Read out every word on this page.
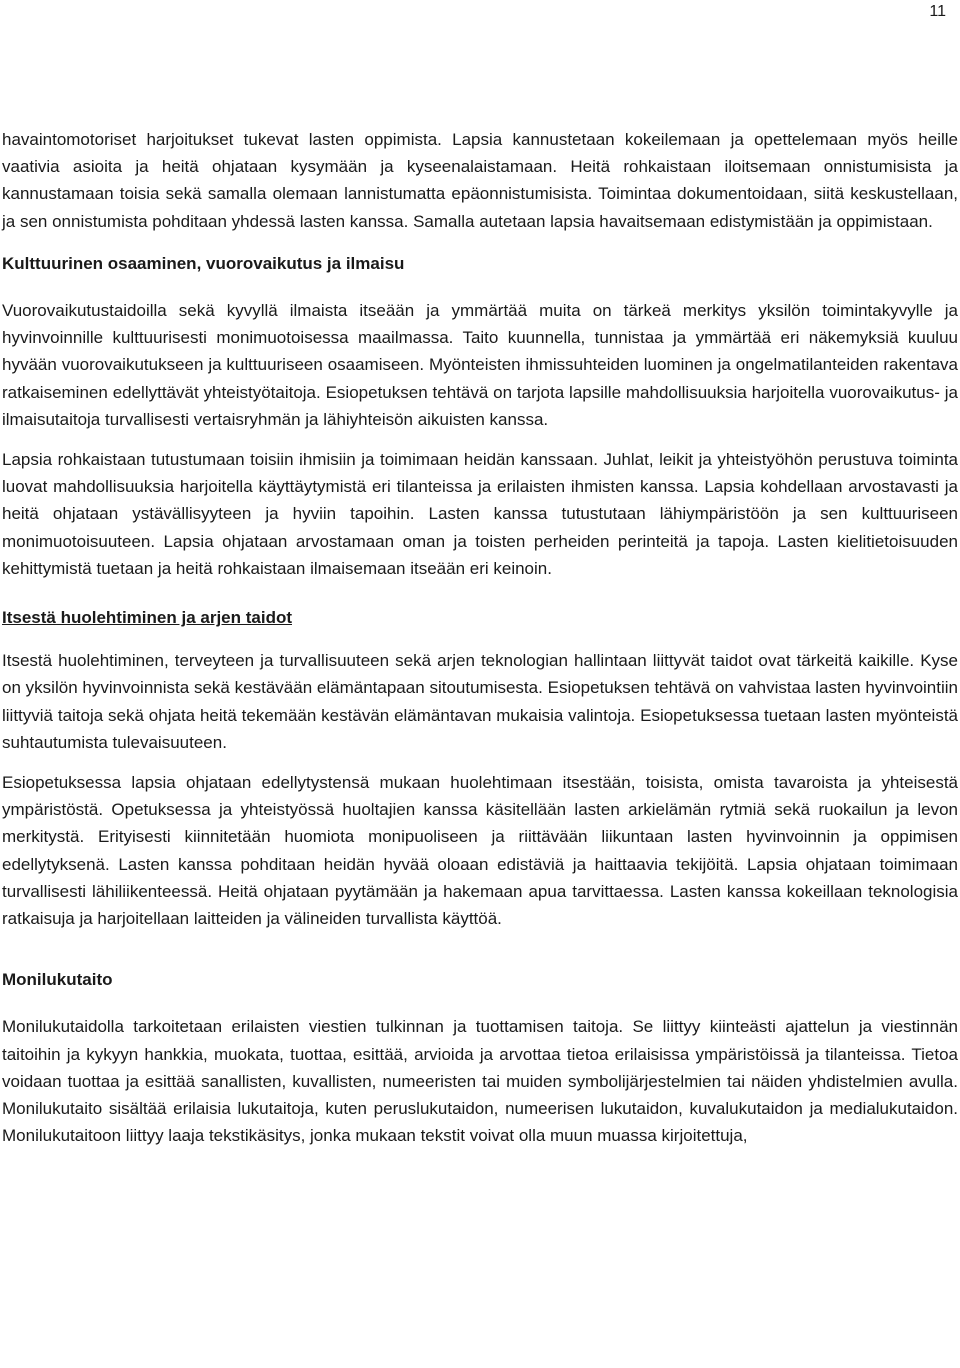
11

havaintomotoriset harjoitukset tukevat lasten oppimista. Lapsia kannustetaan kokeilemaan ja opettelemaan myös heille vaativia asioita ja heitä ohjataan kysymään ja kyseenalaistamaan. Heitä rohkaistaan iloitsemaan onnistumisista ja kannustamaan toisia sekä samalla olemaan lannistumatta epäonnistumisista. Toimintaa dokumentoidaan, siitä keskustellaan, ja sen onnistumista pohditaan yhdessä lasten kanssa. Samalla autetaan lapsia havaitsemaan edistymistään ja oppimistaan.

Kulttuurinen osaaminen, vuorovaikutus ja ilmaisu

Vuorovaikutustaidoilla sekä kyvyllä ilmaista itseään ja ymmärtää muita on tärkeä merkitys yksilön toimintakyvylle ja hyvinvoinnille kulttuurisesti monimuotoisessa maailmassa. Taito kuunnella, tunnistaa ja ymmärtää eri näkemyksiä kuuluu hyvään vuorovaikutukseen ja kulttuuriseen osaamiseen. Myönteisten ihmissuhteiden luominen ja ongelmatilanteiden rakentava ratkaiseminen edellyttävät yhteistyötaitoja. Esiopetuksen tehtävä on tarjota lapsille mahdollisuuksia harjoitella vuorovaikutus- ja ilmaisutaitoja turvallisesti vertaisryhmän ja lähiyhteisön aikuisten kanssa.

Lapsia rohkaistaan tutustumaan toisiin ihmisiin ja toimimaan heidän kanssaan. Juhlat, leikit ja yhteistyöhön perustuva toiminta luovat mahdollisuuksia harjoitella käyttäytymistä eri tilanteissa ja erilaisten ihmisten kanssa. Lapsia kohdellaan arvostavasti ja heitä ohjataan ystävällisyyteen ja hyviin tapoihin. Lasten kanssa tutustutaan lähiympäristöön ja sen kulttuuriseen monimuotoisuuteen. Lapsia ohjataan arvostamaan oman ja toisten perheiden perinteitä ja tapoja. Lasten kielitietoisuuden kehittymistä tuetaan ja heitä rohkaistaan ilmaisemaan itseään eri keinoin.

Itsestä huolehtiminen ja arjen taidot

Itsestä huolehtiminen, terveyteen ja turvallisuuteen sekä arjen teknologian hallintaan liittyvät taidot ovat tärkeitä kaikille. Kyse on yksilön hyvinvoinnista sekä kestävään elämäntapaan sitoutumisesta. Esiopetuksen tehtävä on vahvistaa lasten hyvinvointiin liittyviä taitoja sekä ohjata heitä tekemään kestävän elämäntavan mukaisia valintoja. Esiopetuksessa tuetaan lasten myönteistä suhtautumista tulevaisuuteen.

Esiopetuksessa lapsia ohjataan edellytystensä mukaan huolehtimaan itsestään, toisista, omista tavaroista ja yhteisestä ympäristöstä. Opetuksessa ja yhteistyössä huoltajien kanssa käsitellään lasten arkielämän rytmiä sekä ruokailun ja levon merkitystä. Erityisesti kiinnitetään huomiota monipuoliseen ja riittävään liikuntaan lasten hyvinvoinnin ja oppimisen edellytyksenä. Lasten kanssa pohditaan heidän hyvää oloaan edistäviä ja haittaavia tekijöitä. Lapsia ohjataan toimimaan turvallisesti lähiliikenteessä. Heitä ohjataan pyytämään ja hakemaan apua tarvittaessa. Lasten kanssa kokeillaan teknologisia ratkaisuja ja harjoitellaan laitteiden ja välineiden turvallista käyttöä.

Monilukutaito

Monilukutaidolla tarkoitetaan erilaisten viestien tulkinnan ja tuottamisen taitoja. Se liittyy kiinteästi ajattelun ja viestinnän taitoihin ja kykyyn hankkia, muokata, tuottaa, esittää, arvioida ja arvottaa tietoa erilaisissa ympäristöissä ja tilanteissa. Tietoa voidaan tuottaa ja esittää sanallisten, kuvallisten, numeeristen tai muiden symbolijärjestelmien tai näiden yhdistelmien avulla. Monilukutaito sisältää erilaisia lukutaitoja, kuten peruslukutaidon, numeerisen lukutaidon, kuvalukutaidon ja medialukutaidon. Monilukutaitoon liittyy laaja tekstikäsitys, jonka mukaan tekstit voivat olla muun muassa kirjoitettuja,
